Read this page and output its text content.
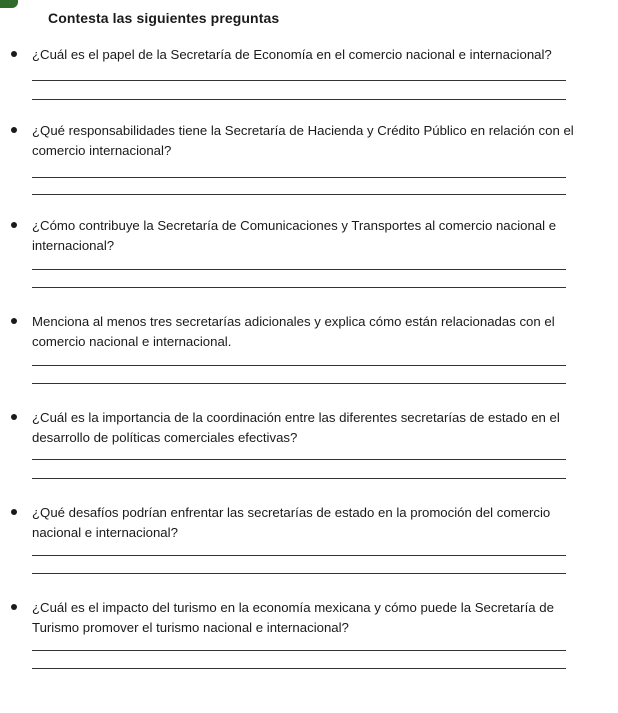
Contesta las siguientes preguntas
¿Cuál es el papel de la Secretaría de Economía en el comercio nacional e internacional?
¿Qué responsabilidades tiene la Secretaría de Hacienda y Crédito Público en relación con el comercio internacional?
¿Cómo contribuye la Secretaría de Comunicaciones y Transportes al comercio nacional e internacional?
Menciona al menos tres secretarías adicionales y explica cómo están relacionadas con el comercio nacional e internacional.
¿Cuál es la importancia de la coordinación entre las diferentes secretarías de estado en el desarrollo de políticas comerciales efectivas?
¿Qué desafíos podrían enfrentar las secretarías de estado en la promoción del comercio nacional e internacional?
¿Cuál es el impacto del turismo en la economía mexicana y cómo puede la Secretaría de Turismo promover el turismo nacional e internacional?
